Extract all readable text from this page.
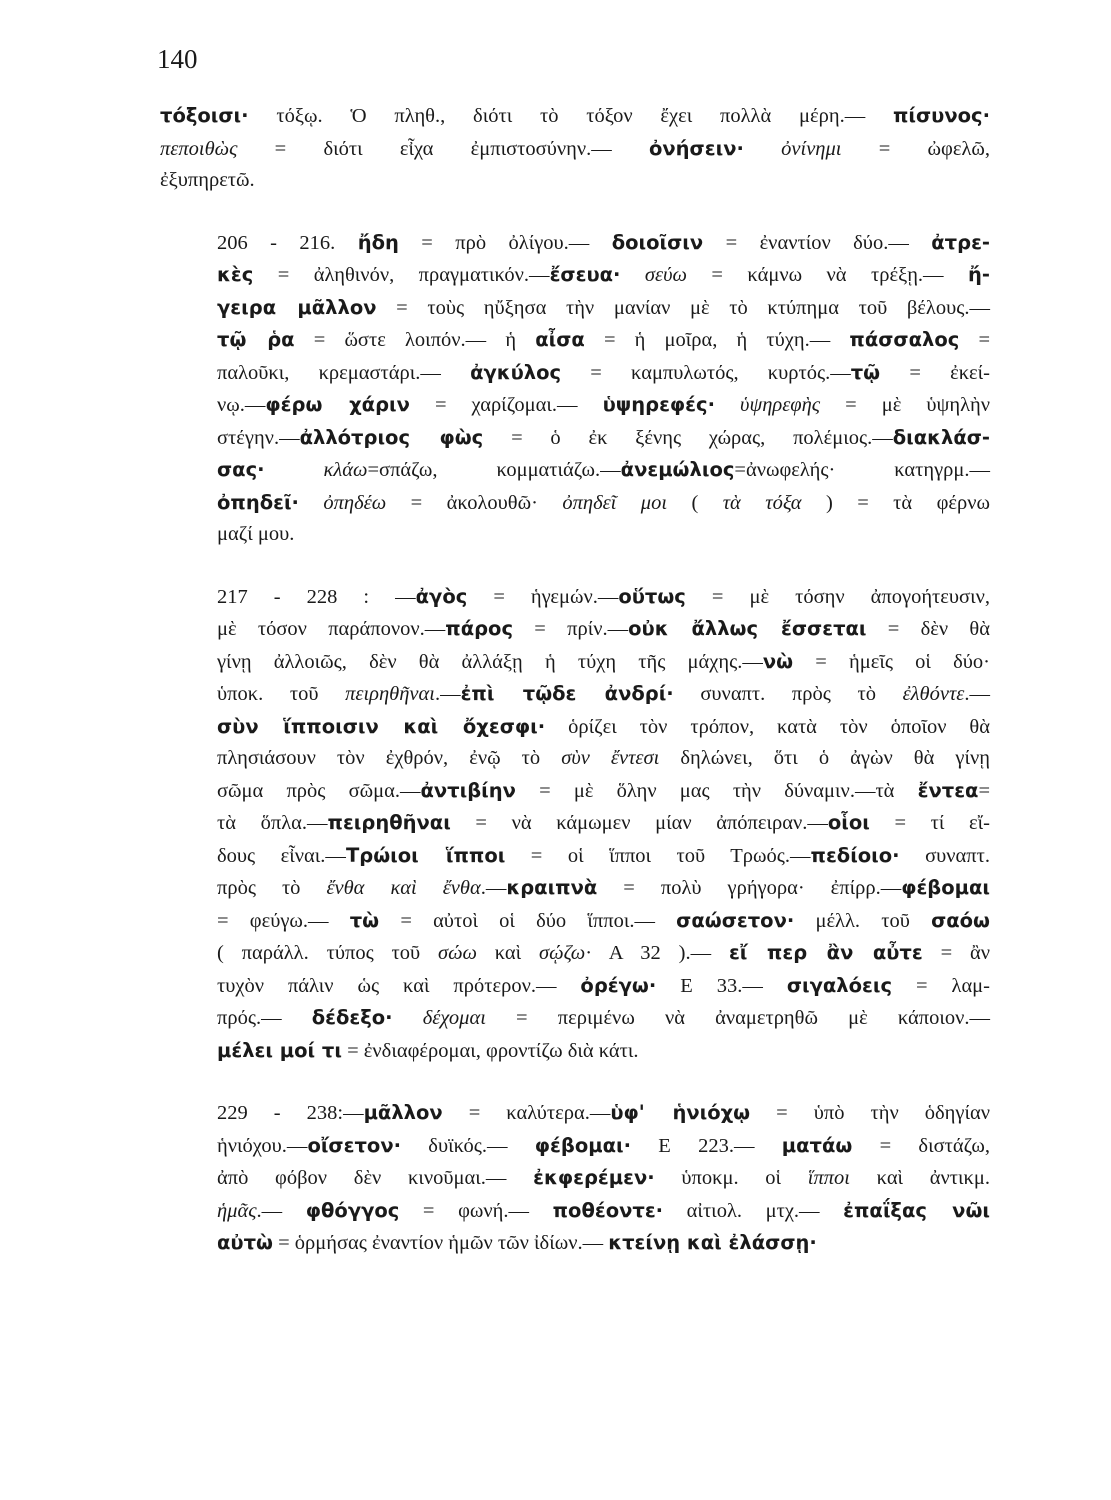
140

τόξοισι· τόξῳ. Ὁ πληθ., διότι τὸ τόξον ἔχει πολλὰ μέρη.— πίσυνος·
πεποιθὼς = διότι εἶχα ἐμπιστοσύνην.— ὀνήσειν· ὀνίνημι = ὠφελῶ,
ἐξυπηρετῶ.

206 - 216. ἤδη = πρὸ ὀλίγου.— δοιοῖσιν = ἐναντίον δύο.— ἀτρε-
κὲς = ἀληθινόν, πραγματικόν.—ἔσευα· σεύω = κάμνω νὰ τρέξῃ.— ἤ-
γειρα μᾶλλον = τοὺς ηὔξησα τὴν μανίαν μὲ τὸ κτύπημα τοῦ βέλους.—
τῷ ῥα = ὥστε λοιπόν.— ἡ αἶσα = ἡ μοῖρα, ἡ τύχη.— πάσσαλος =
παλοῦκι, κρεμαστάρι.— ἀγκύλος = καμπυλωτός, κυρτός.—τῷ = ἐκεί-
νῳ.—φέρω χάριν = χαρίζομαι.— ὑψηρεφές· ὑψηρεφὴς = μὲ ὑψηλὴν
στέγην.—ἀλλότριος φὼς = ὁ ἐκ ξένης χώρας, πολέμιος.—διακλάσ-
σας·	κλάω=σπάζω, κομματιάζω.—ἀνεμώλιος=ἀνωφελής· κατηγρμ.—
ὀπηδεῖ· ὀπηδέω = ἀκολουθῶ· ὀπηδεῖ μοι ( τὰ τόξα ) = τὰ φέρνω
μαζί μου.

217 - 228 : —ἀγὸς = ἡγεμών.—οὕτως = μὲ τόσην ἀπογοήτευσιν,
μὲ τόσον παράπονον.—πάρος = πρίν.—οὐκ ἄλλως ἔσσεται = δὲν θὰ
γίνῃ ἀλλοιῶς, δὲν θὰ ἀλλάξῃ ἡ τύχη τῆς μάχης.—νὼ = ἡμεῖς οἱ δύο·
ὑποκ. τοῦ πειρηθῆναι.—ἐπὶ τῷδε ἀνδρί· συναπτ. πρὸς τὸ ἐλθόντε.—
σὺν ἵπποισιν καὶ ὄχεσφι· ὁρίζει τὸν τρόπον, κατὰ τὸν ὁποῖον θὰ
πλησιάσουν τὸν ἐχθρόν, ἐνῷ τὸ σὺν ἔντεσι δηλώνει, ὅτι ὁ ἀγὼν θὰ γίνῃ
σῶμα πρὸς σῶμα.—ἀντιβίην = μὲ ὅλην μας τὴν δύναμιν.—τὰ ἔντεα=
τὰ ὅπλα.—πειρηθῆναι = νὰ κάμωμεν μίαν ἀπόπειραν.—οἷοι = τί εἴ-
δους εἶναι.—Τρώιοι ἵπποι = οἱ ἵπποι τοῦ Τρωός.—πεδίοιο· συναπτ.
πρὸς τὸ ἔνθα καὶ ἔνθα.—κραιπνὰ = πολὺ γρήγορα· ἐπίρρ.—φέβομαι
= φεύγω.— τὼ = αὐτοὶ οἱ δύο ἵπποι.— σαώσετον· μέλλ. τοῦ σαόω
( παράλλ. τύπος τοῦ σώω καὶ σῴζω· Α 32 ).— εἴ περ ἂν αὖτε = ἂν
τυχὸν πάλιν ὡς καὶ πρότερον.— ὀρέγω· Ε 33.— σιγαλόεις = λαμ-
πρός.— δέδεξο· δέχομαι = περιμένω νὰ ἀναμετρηθῶ μὲ κάποιον.—
μέλει μοί τι = ἐνδιαφέρομαι, φροντίζω διὰ κάτι.

229 - 238:—μᾶλλον = καλύτερα.—ὑφ' ἡνιόχῳ = ὑπὸ τὴν ὁδηγίαν
ἡνιόχου.—οἴσετον· δυϊκός.— φέβομαι· Ε 223.— ματάω = διστάζω,
ἀπὸ φόβον δὲν κινοῦμαι.— ἐκφερέμεν· ὑποκμ. οἱ ἵπποι καὶ ἀντικμ.
ἡμᾶς.— φθόγγος = φωνή.— ποθέοντε· αἰτιολ. μτχ.— ἐπαΐξας νῶι
αὐτὼ = ὁρμήσας ἐναντίον ἡμῶν τῶν ἰδίων.— κτείνῃ καὶ ἐλάσσῃ·
